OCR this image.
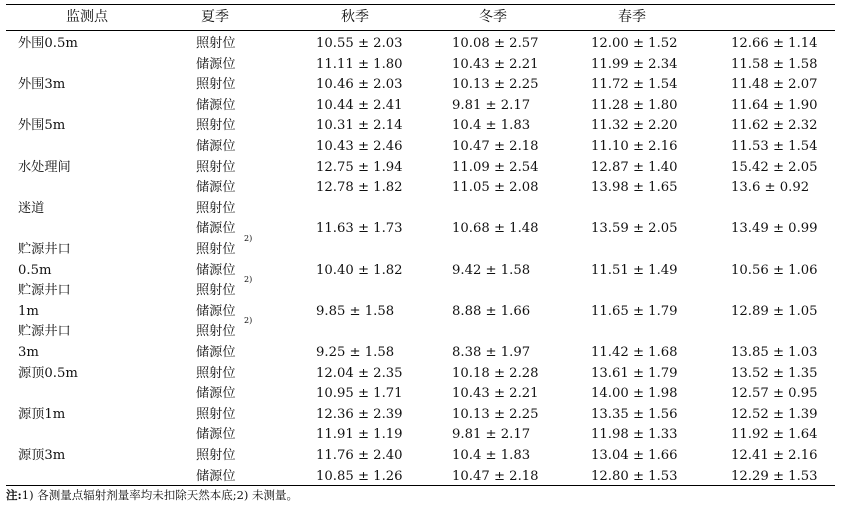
监测点	夏季	秋季	冬季	春季
外围0.5m	照射位	10.55 ± 2.03	10.08 ± 2.57	12.00 ± 1.52	12.66 ± 1.14
储源位	11.11 ± 1.80	10.43 ± 2.21	11.99 ± 2.34	11.58 ± 1.58
外围3m	照射位	10.46 ± 2.03	10.13 ± 2.25	11.72 ± 1.54	11.48 ± 2.07
储源位	10.44 ± 2.41	9.81 ± 2.17	11.28 ± 1.80	11.64 ± 1.90
外围5m	照射位	10.31 ± 2.14	10.4 ± 1.83	11.32 ± 2.20	11.62 ± 2.32
储源位	10.43 ± 2.46	10.47 ± 2.18	11.10 ± 2.16	11.53 ± 1.54
水处理间	照射位	12.75 ± 1.94	11.09 ± 2.54	12.87 ± 1.40	15.42 ± 2.05
储源位	12.78 ± 1.82	11.05 ± 2.08	13.98 ± 1.65	13.6 ± 0.92
迷道	照射位
储源位	11.63 ± 1.73	10.68 ± 1.48	13.59 ± 2.05	13.49 ± 0.99
贮源井口	照射位
2)
0.5m	储源位	10.40 ± 1.82	9.42 ± 1.58	11.51 ± 1.49	10.56 ± 1.06
贮源井口	照射位
2)
1m	储源位	9.85 ± 1.58	8.88 ± 1.66	11.65 ± 1.79	12.89 ± 1.05
贮源井口	照射位
2)
3m	储源位	9.25 ± 1.58	8.38 ± 1.97	11.42 ± 1.68	13.85 ± 1.03
源顶0.5m	照射位	12.04 ± 2.35	10.18 ± 2.28	13.61 ± 1.79	13.52 ± 1.35
储源位	10.95 ± 1.71	10.43 ± 2.21	14.00 ± 1.98	12.57 ± 0.95
源顶1m	照射位	12.36 ± 2.39	10.13 ± 2.25	13.35 ± 1.56	12.52 ± 1.39
储源位	11.91 ± 1.19	9.81 ± 2.17	11.98 ± 1.33	11.92 ± 1.64
源顶3m	照射位	11.76 ± 2.40	10.4 ± 1.83	13.04 ± 1.66	12.41 ± 2.16
储源位	10.85 ± 1.26	10.47 ± 2.18	12.80 ± 1.53	12.29 ± 1.53
注:1) 各测量点辐射剂量率均未扣除天然本底;2) 未测量。
